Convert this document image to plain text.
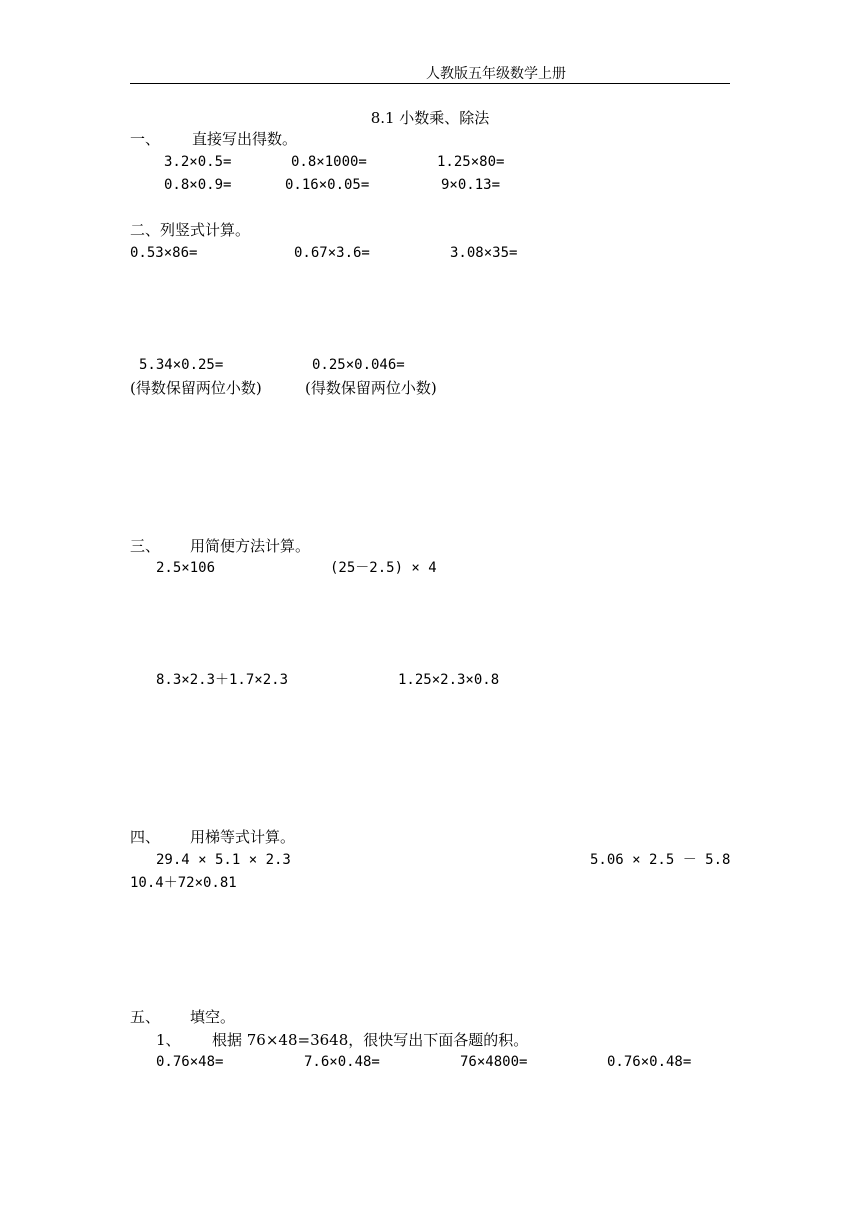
人教版五年级数学上册
8.1 小数乘、除法
一、 直接写出得数。
3.2×0.5=	0.8×1000=	1.25×80=
0.8×0.9=	0.16×0.05=	9×0.13=
二、列竖式计算。
0.53×86=	0.67×3.6=	3.08×35=
5.34×0.25=	0.25×0.046=
(得数保留两位小数)	(得数保留两位小数)
三、 用简便方法计算。
2.5×106	(25－2.5) × 4
8.3×2.3＋1.7×2.3	1.25×2.3×0.8
四、 用梯等式计算。
29.4 × 5.1 × 2.3	5.06 × 2.5 － 5.8
10.4＋72×0.81
五、 填空。
1、 根据 76×48=3648，很快写出下面各题的积。
0.76×48=	7.6×0.48=	76×4800=	0.76×0.48=
